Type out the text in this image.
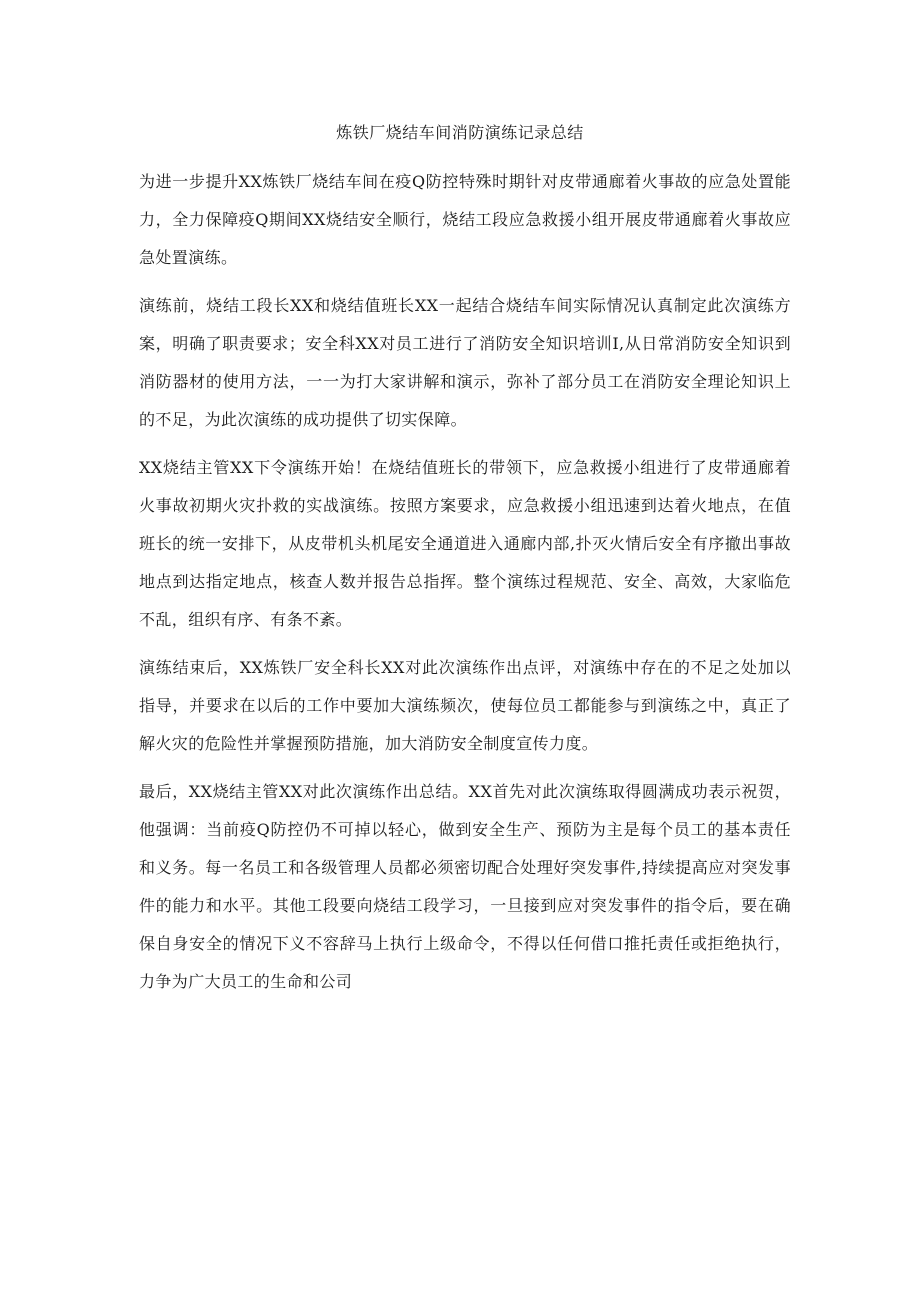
炼铁厂烧结车间消防演练记录总结

为进一步提升XX炼铁厂烧结车间在疫Q防控特殊时期针对皮带通廊着火事故的应急处置能力，全力保障疫Q期间XX烧结安全顺行，烧结工段应急救援小组开展皮带通廊着火事故应急处置演练。

演练前，烧结工段长XX和烧结值班长XX一起结合烧结车间实际情况认真制定此次演练方案，明确了职责要求；安全科XX对员工进行了消防安全知识培训I,从日常消防安全知识到消防器材的使用方法，一一为打大家讲解和演示，弥补了部分员工在消防安全理论知识上的不足，为此次演练的成功提供了切实保障。

XX烧结主管XX下令演练开始！在烧结值班长的带领下，应急救援小组进行了皮带通廊着火事故初期火灾扑救的实战演练。按照方案要求，应急救援小组迅速到达着火地点，在值班长的统一安排下，从皮带机头机尾安全通道进入通廊内部,扑灭火情后安全有序撤出事故地点到达指定地点，核查人数并报告总指挥。整个演练过程规范、安全、高效，大家临危不乱，组织有序、有条不紊。

演练结束后，XX炼铁厂安全科长XX对此次演练作出点评，对演练中存在的不足之处加以指导，并要求在以后的工作中要加大演练频次，使每位员工都能参与到演练之中，真正了解火灾的危险性并掌握预防措施，加大消防安全制度宣传力度。

最后，XX烧结主管XX对此次演练作出总结。XX首先对此次演练取得圆满成功表示祝贺，他强调：当前疫Q防控仍不可掉以轻心，做到安全生产、预防为主是每个员工的基本责任和义务。每一名员工和各级管理人员都必须密切配合处理好突发事件,持续提高应对突发事件的能力和水平。其他工段要向烧结工段学习，一旦接到应对突发事件的指令后，要在确保自身安全的情况下义不容辞马上执行上级命令，不得以任何借口推托责任或拒绝执行，力争为广大员工的生命和公司
